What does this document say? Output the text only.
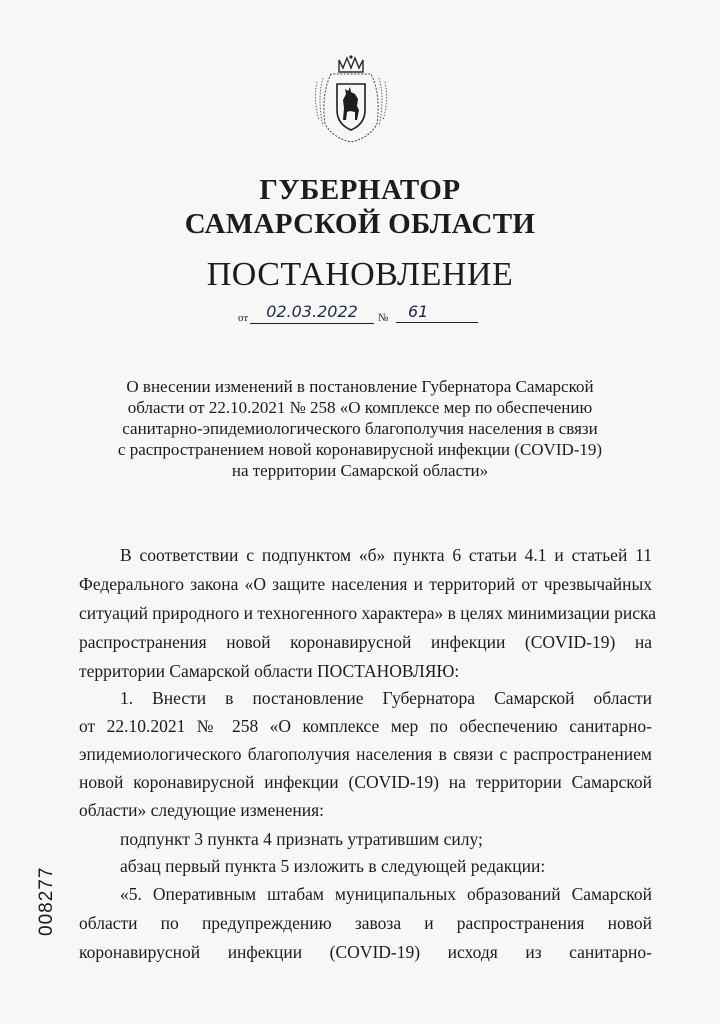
ГУБЕРНАТОР
САМАРСКОЙ ОБЛАСТИ
ПОСТАНОВЛЕНИЕ
от	02.03.2022	№	61
О внесении изменений в постановление Губернатора Самарской
области от 22.10.2021 № 258 «О комплексе мер по обеспечению
санитарно-эпидемиологического благополучия населения в связи
с распространением новой коронавирусной инфекции (COVID-19)
на территории Самарской области»
В соответствии с подпунктом «б» пункта 6 статьи 4.1 и статьей 11
Федерального закона «О защите населения и территорий от чрезвычайных
ситуаций природного и техногенного характера» в целях минимизации риска
распространения новой коронавирусной инфекции (COVID-19) на
территории Самарской области ПОСТАНОВЛЯЮ:
1. Внести в постановление Губернатора Самарской области
от 22.10.2021 № 258 «О комплексе мер по обеспечению санитарно-
эпидемиологического благополучия населения в связи с распространением
новой коронавирусной инфекции (COVID-19) на территории Самарской
области» следующие изменения:
подпункт 3 пункта 4 признать утратившим силу;
абзац первый пункта 5 изложить в следующей редакции:
«5. Оперативным штабам муниципальных образований Самарской
области по предупреждению завоза и распространения новой
коронавирусной инфекции (COVID-19) исходя из санитарно-
008277
